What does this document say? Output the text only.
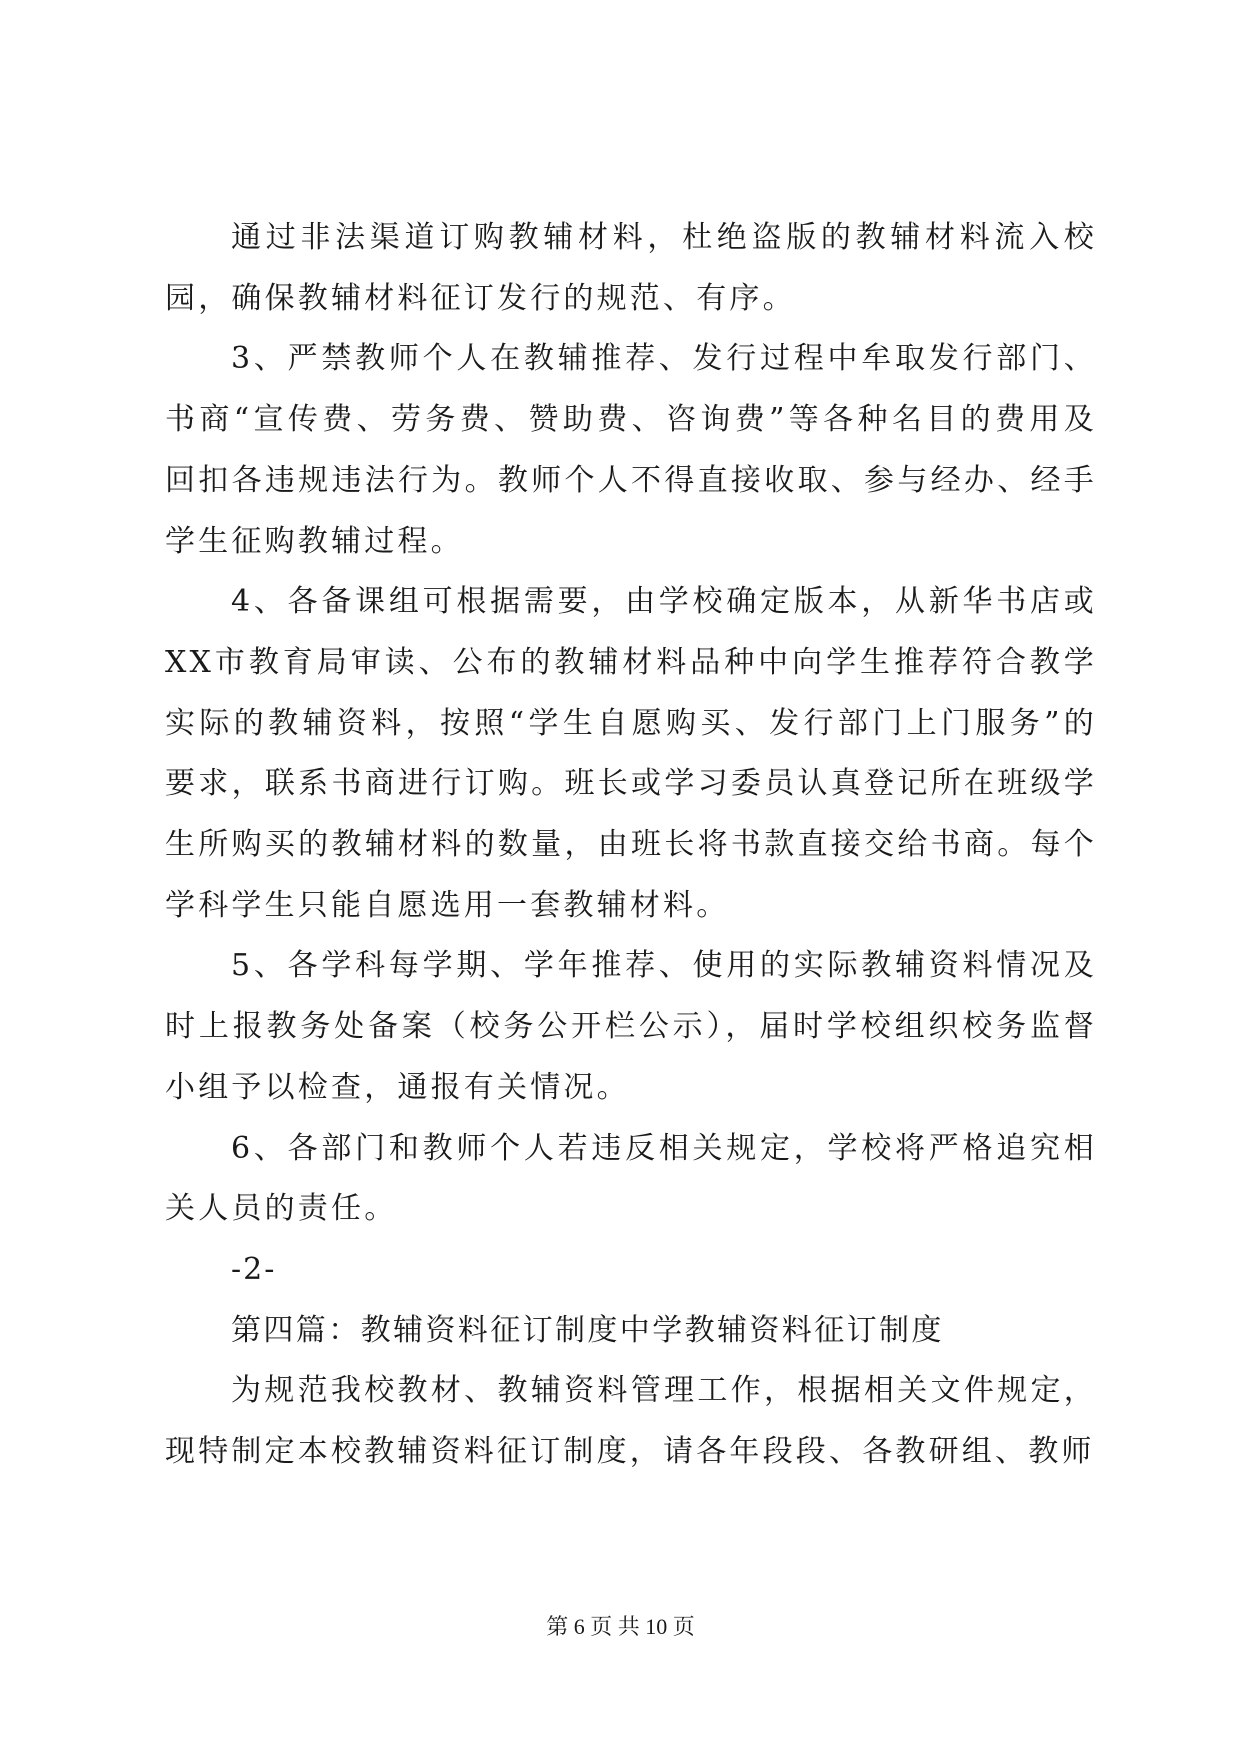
通过非法渠道订购教辅材料，杜绝盗版的教辅材料流入校园，确保教辅材料征订发行的规范、有序。

3、严禁教师个人在教辅推荐、发行过程中牟取发行部门、书商“宣传费、劳务费、赞助费、咨询费”等各种名目的费用及回扣各违规违法行为。教师个人不得直接收取、参与经办、经手学生征购教辅过程。

4、各备课组可根据需要，由学校确定版本，从新华书店或XX市教育局审读、公布的教辅材料品种中向学生推荐符合教学实际的教辅资料，按照“学生自愿购买、发行部门上门服务”的要求，联系书商进行订购。班长或学习委员认真登记所在班级学生所购买的教辅材料的数量，由班长将书款直接交给书商。每个学科学生只能自愿选用一套教辅材料。

5、各学科每学期、学年推荐、使用的实际教辅资料情况及时上报教务处备案（校务公开栏公示），届时学校组织校务监督小组予以检查，通报有关情况。

6、各部门和教师个人若违反相关规定，学校将严格追究相关人员的责任。

-2-

第四篇：教辅资料征订制度中学教辅资料征订制度

为规范我校教材、教辅资料管理工作，根据相关文件规定，现特制定本校教辅资料征订制度，请各年段段、各教研组、教师

第 6 页 共 10 页
